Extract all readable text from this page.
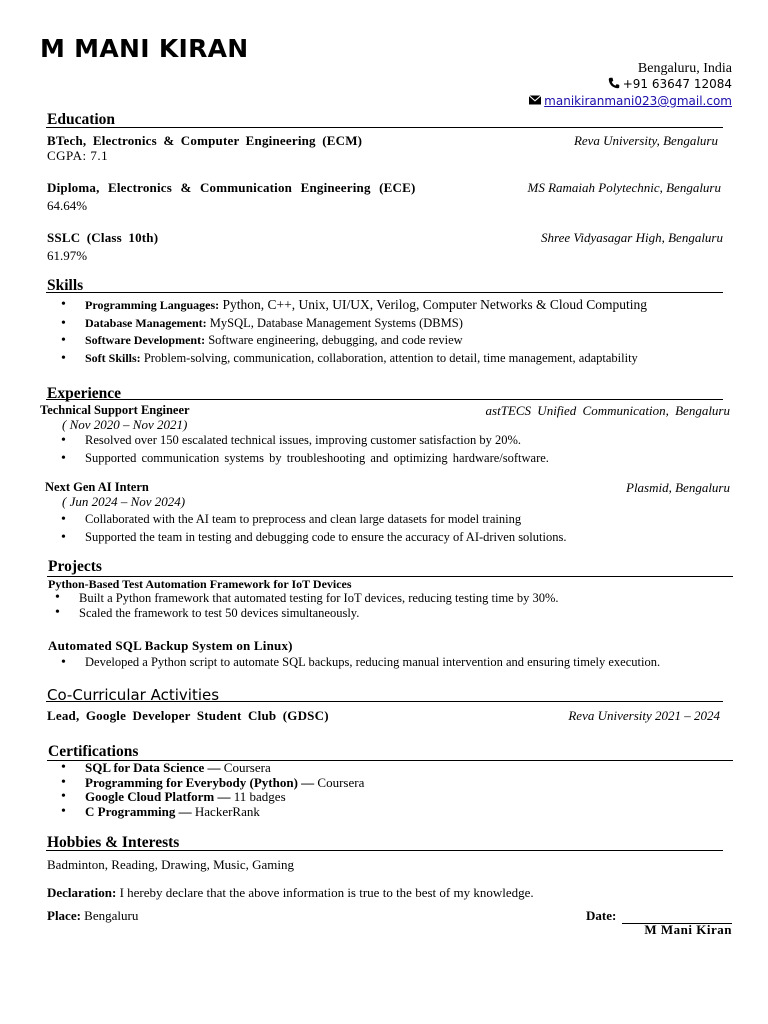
M MANI KIRAN
Bengaluru, India
+91 63647 12084
manikiranmani023@gmail.com
Education
BTech, Electronics & Computer Engineering (ECM)	Reva University, Bengaluru
CGPA: 7.1
Diploma, Electronics & Communication Engineering (ECE)	MS Ramaiah Polytechnic, Bengaluru
64.64%
SSLC (Class 10th)	Shree Vidyasagar High, Bengaluru
61.97%
Skills
• Programming Languages: Python, C++, Unix, UI/UX, Verilog, Computer Networks & Cloud Computing
• Database Management: MySQL, Database Management Systems (DBMS)
• Software Development: Software engineering, debugging, and code review
• Soft Skills: Problem-solving, communication, collaboration, attention to detail, time management, adaptability
Experience
Technical Support Engineer	astTECS Unified Communication, Bengaluru
( Nov 2020 – Nov 2021)
• Resolved over 150 escalated technical issues, improving customer satisfaction by 20%.
• Supported communication systems by troubleshooting and optimizing hardware/software.
Next Gen AI Intern	Plasmid, Bengaluru
( Jun 2024 – Nov 2024)
• Collaborated with the AI team to preprocess and clean large datasets for model training
• Supported the team in testing and debugging code to ensure the accuracy of AI-driven solutions.
Projects
Python-Based Test Automation Framework for IoT Devices
• Built a Python framework that automated testing for IoT devices, reducing testing time by 30%.
• Scaled the framework to test 50 devices simultaneously.
Automated SQL Backup System on Linux)
• Developed a Python script to automate SQL backups, reducing manual intervention and ensuring timely execution.
Co-Curricular Activities
Lead, Google Developer Student Club (GDSC)	Reva University 2021 – 2024
Certifications
• SQL for Data Science — Coursera
• Programming for Everybody (Python) — Coursera
• Google Cloud Platform — 11 badges
• C Programming — HackerRank
Hobbies & Interests
Badminton, Reading, Drawing, Music, Gaming
Declaration: I hereby declare that the above information is true to the best of my knowledge.
Place: Bengaluru	Date:
M Mani Kiran
